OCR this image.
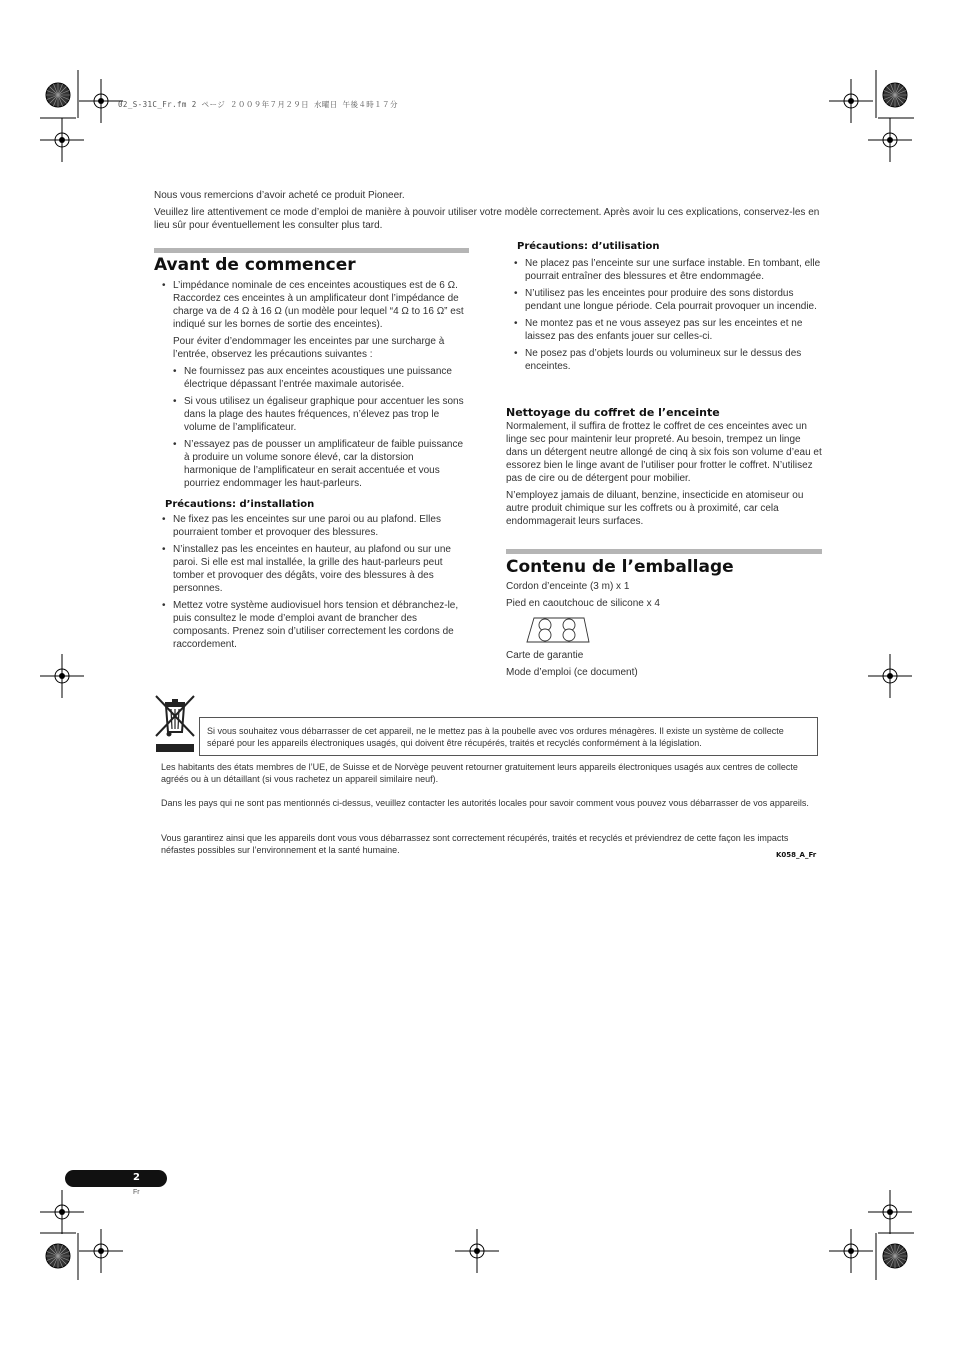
02_S-31C_Fr.fm 2 ページ ２００９年７月２９日 水曜日 午後４時１７分

Nous vous remercions d’avoir acheté ce produit Pioneer.

Veuillez lire attentivement ce mode d’emploi de manière à pouvoir utiliser votre modèle correctement. Après avoir lu ces explications, conservez-les en lieu sûr pour éventuellement les consulter plus tard.

Avant de commencer
• L’impédance nominale de ces enceintes acoustiques est de 6 Ω. Raccordez ces enceintes à un amplificateur dont l’impédance de charge va de 4 Ω à 16 Ω (un modèle pour lequel “4 Ω to 16 Ω” est indiqué sur les bornes de sortie des enceintes).

Pour éviter d’endommager les enceintes par une surcharge à l’entrée, observez les précautions suivantes :

• Ne fournissez pas aux enceintes acoustiques une puissance électrique dépassant l’entrée maximale autorisée.
• Si vous utilisez un égaliseur graphique pour accentuer les sons dans la plage des hautes fréquences, n’élevez pas trop le volume de l’amplificateur.
• N’essayez pas de pousser un amplificateur de faible puissance à produire un volume sonore élevé, car la distorsion harmonique de l’amplificateur en serait accentuée et vous pourriez endommager les haut-parleurs.
Précautions: d’installation
• Ne fixez pas les enceintes sur une paroi ou au plafond. Elles pourraient tomber et provoquer des blessures.
• N’installez pas les enceintes en hauteur, au plafond ou sur une paroi. Si elle est mal installée, la grille des haut-parleurs peut tomber et provoquer des dégâts, voire des blessures à des personnes.
• Mettez votre système audiovisuel hors tension et débranchez-le, puis consultez le mode d’emploi avant de brancher des composants. Prenez soin d’utiliser correctement les cordons de raccordement.
Précautions: d’utilisation
• Ne placez pas l’enceinte sur une surface instable. En tombant, elle pourrait entraîner des blessures et être endommagée.
• N’utilisez pas les enceintes pour produire des sons distordus pendant une longue période. Cela pourrait provoquer un incendie.
• Ne montez pas et ne vous asseyez pas sur les enceintes et ne laissez pas des enfants jouer sur celles-ci.
• Ne posez pas d’objets lourds ou volumineux sur le dessus des enceintes.
Nettoyage du coffret de l’enceinte

Normalement, il suffira de frottez le coffret de ces enceintes avec un linge sec pour maintenir leur propreté. Au besoin, trempez un linge dans un détergent neutre allongé de cinq à six fois son volume d’eau et essorez bien le linge avant de l’utiliser pour frotter le coffret. N’utilisez pas de cire ou de détergent pour mobilier.

N’employez jamais de diluant, benzine, insecticide en atomiseur ou autre produit chimique sur les coffrets ou à proximité, car cela endommagerait leurs surfaces.

Contenu de l’emballage

Cordon d’enceinte (3 m) x 1

Pied en caoutchouc de silicone x 4

Carte de garantie

Mode d’emploi (ce document)

Si vous souhaitez vous débarrasser de cet appareil, ne le mettez pas à la poubelle avec vos ordures ménagères. Il existe un système de collecte séparé pour les appareils électroniques usagés, qui doivent être récupérés, traités et recyclés conformément à la législation.

Les habitants des états membres de l’UE, de Suisse et de Norvège peuvent retourner gratuitement leurs appareils électroniques usagés aux centres de collecte agréés ou à un détaillant (si vous rachetez un appareil similaire neuf).

Dans les pays qui ne sont pas mentionnés ci-dessus, veuillez contacter les autorités locales pour savoir comment vous pouvez vous débarrasser de vos appareils.

Vous garantirez ainsi que les appareils dont vous vous débarrassez sont correctement récupérés, traités et recyclés et préviendrez de cette façon les impacts néfastes possibles sur l’environnement et la santé humaine.	K058_A_Fr
2
Fr
